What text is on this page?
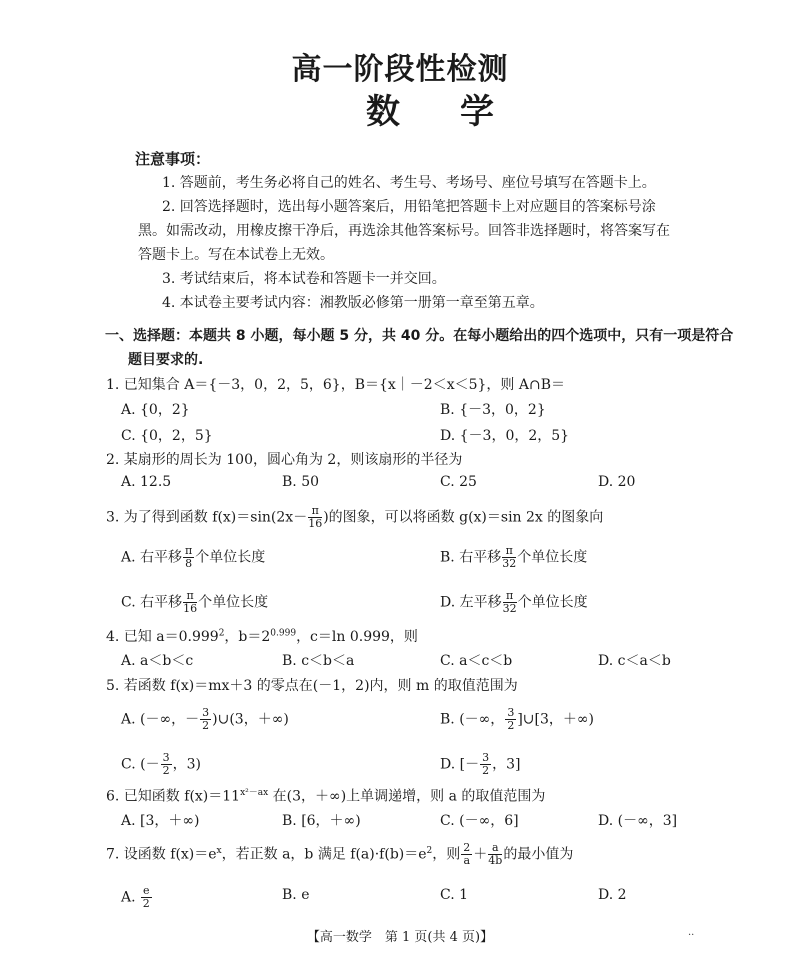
高一阶段性检测
数学
注意事项：
1. 答题前，考生务必将自己的姓名、考生号、考场号、座位号填写在答题卡上。
2. 回答选择题时，选出每小题答案后，用铅笔把答题卡上对应题目的答案标号涂
黑。如需改动，用橡皮擦干净后，再选涂其他答案标号。回答非选择题时，将答案写在
答题卡上。写在本试卷上无效。
3. 考试结束后，将本试卷和答题卡一并交回。
4. 本试卷主要考试内容：湘教版必修第一册第一章至第五章。
一、选择题：本题共 8 小题，每小题 5 分，共 40 分。在每小题给出的四个选项中，只有一项是符合
题目要求的.
1. 已知集合 A＝{－3，0，2，5，6}，B＝{x｜－2＜x＜5}，则 A∩B＝
A. {0，2}	B. {－3，0，2}
C. {0，2，5}	D. {－3，0，2，5}
2. 某扇形的周长为 100，圆心角为 2，则该扇形的半径为
A. 12.5	B. 50	C. 25	D. 20
3. 为了得到函数 $f(x)=\sin(2x- \frac{\pi}{16}$ )的图象，可以将函数 g(x)＝sin 2x 的图象向
A. 右平移 $\frac{\pi}{8}$ 个单位长度	B. 右平移 $\frac{\pi}{32}$ 个单位长度
C. 右平移 $\frac{\pi}{16}$ 个单位长度	D. 左平移 $\frac{\pi}{32}$ 个单位长度
4. 已知 $a=0.999^2$，$b=2^{0.999}$，c＝ln 0.999，则
A. a＜b＜c	B. c＜b＜a	C. a＜c＜b	D. c＜a＜b
5. 若函数 f(x)＝mx＋3 的零点在(－1，2)内，则 m 的取值范围为
A. (－∞，－ $\frac{3}{2}$ )∪(3，＋∞)	B. (－∞， $\frac{3}{2}$ ]∪[3，＋∞)
C. (－ $\frac{3}{2}$ ，3)	D. [－ $\frac{3}{2}$ ，3]
6. 已知函数 $f(x)=11^{x^2-ax}$ 在(3，＋∞)上单调递增，则 a 的取值范围为
A. [3，＋∞)	B. [6，＋∞)	C. (－∞，6]	D. (－∞，3]
7. 设函数 $f(x)=e^x$，若正数 a，b 满足 $f(a)\cdot f(b)=e^2$，则 $\frac{2}{a} + \frac{a}{4b}$ 的最小值为
A. $\frac{e}{2}$	B. e	C. 1	D. 2
【高一数学　第 1 页(共 4 页)】	··
